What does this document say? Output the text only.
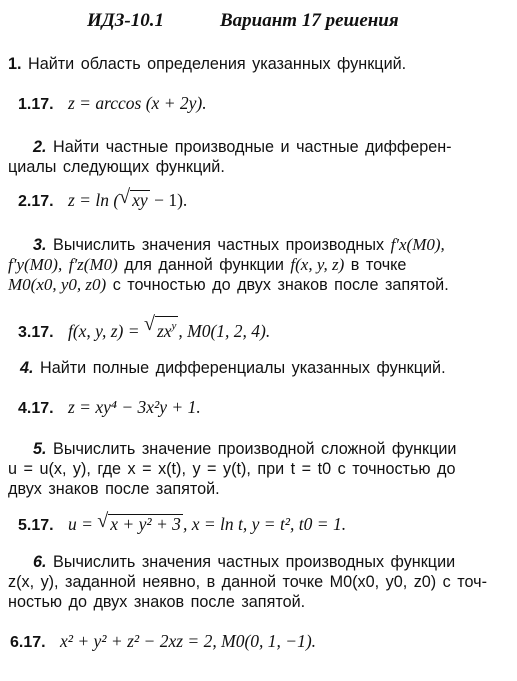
ИДЗ-10.1	Вариант 17 решения

1. Найти область определения указанных функций.

1.17. z = arccos (x + 2y).

2. Найти частные производные и частные дифферен-

циалы следующих функций.

2.17. z = ln ( √ xy − 1).

3. Вычислить значения частных производных f′x(M0),

f′y(M0), f′z(M0) для данной функции f(x, y, z) в точке

M0(x0, y0, z0) с точностью до двух знаков после запятой.

3.17. f(x, y, z) = √ $zx^y$ , M0(1, 2, 4).

4. Найти полные дифференциалы указанных функций.

4.17. z = xy⁴ − 3x²y + 1.

5. Вычислить значение производной сложной функции

u = u(x, y), где x = x(t), y = y(t), при t = t0 с точностью до

двух знаков после запятой.

5.17. u = √ x + y² + 3 , x = ln t, y = t², t0 = 1.

6. Вычислить значения частных производных функции

z(x, y), заданной неявно, в данной точке M0(x0, y0, z0) с точ-

ностью до двух знаков после запятой.

6.17. x² + y² + z² − 2xz = 2, M0(0, 1, −1).
